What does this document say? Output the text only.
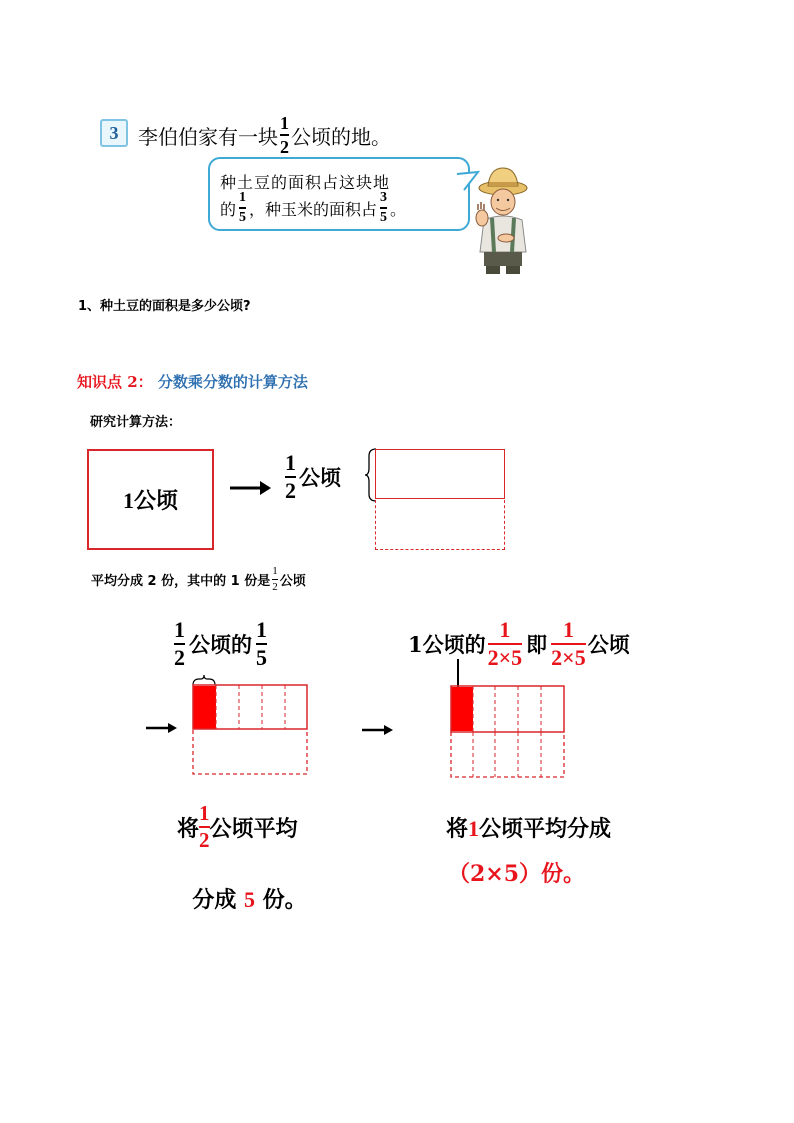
3 李伯伯家有一块 $\frac{1}{2}$ 公顷的地。
种土豆的面积占这块地
的 $\frac{1}{5}$ ，种玉米的面积占 $\frac{3}{5}$ 。
1、种土豆的面积是多少公顷?
知识点 2： 分数乘分数的计算方法
研究计算方法：
1公顷	$\frac{1}{2}$ 公顷
平均分成 2 份，其中的 1 份是 $\frac{1}{2}$ 公顷
$\frac{1}{2}$ 公顷的 $\frac{1}{5}$
将 $\frac{1}{2}$ 公顷平均

分成 5 份。

1公顷的 $\frac{1}{2\times 5}$ 即 $\frac{1}{2\times 5}$ 公顷
将1公顷平均分成
（2×5）份。
